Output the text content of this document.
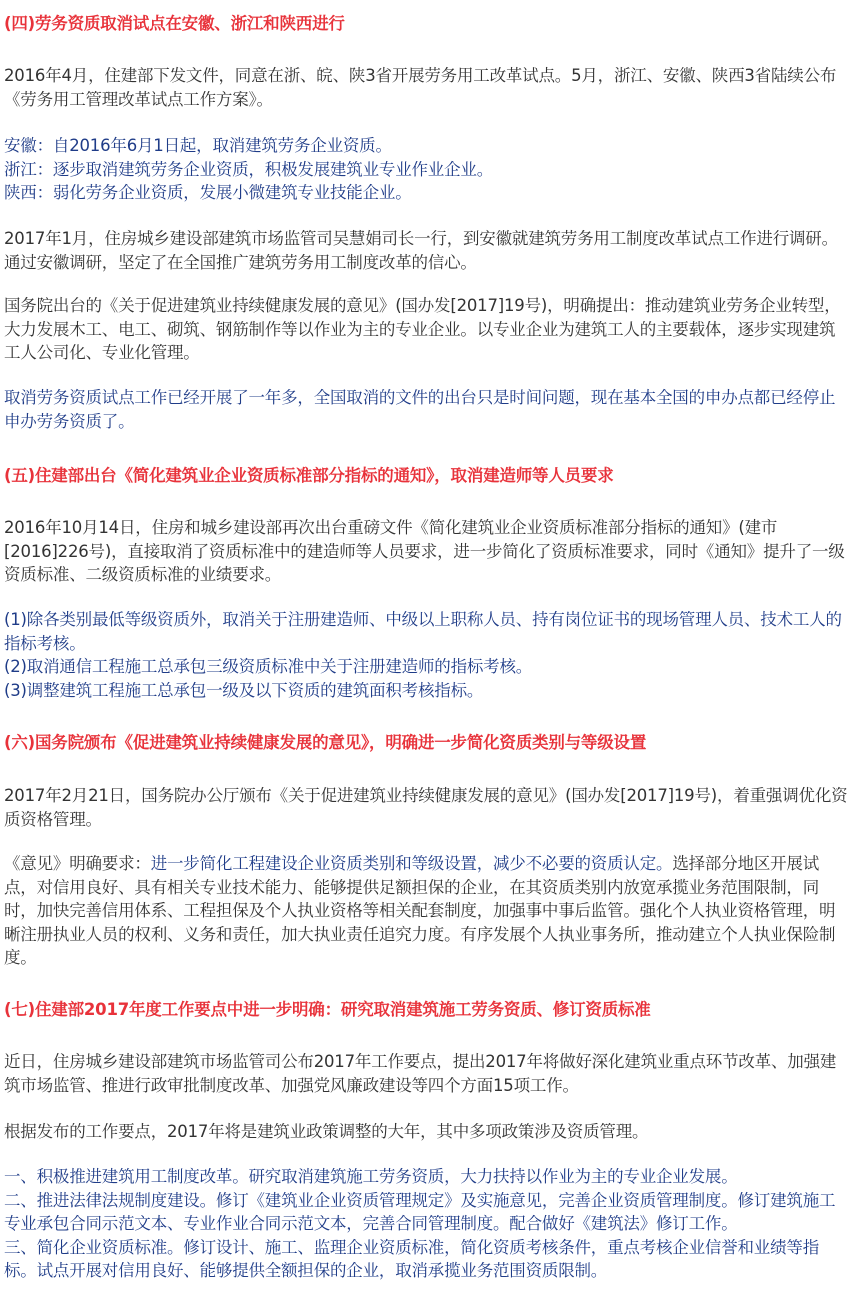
(四)劳务资质取消试点在安徽、浙江和陕西进行

2016年4月，住建部下发文件，同意在浙、皖、陕3省开展劳务用工改革试点。5月，浙江、安徽、陕西3省陆续公布《劳务用工管理改革试点工作方案》。

安徽：自2016年6月1日起，取消建筑劳务企业资质。
浙江：逐步取消建筑劳务企业资质，积极发展建筑业专业作业企业。
陕西：弱化劳务企业资质，发展小微建筑专业技能企业。

2017年1月，住房城乡建设部建筑市场监管司吴慧娟司长一行，到安徽就建筑劳务用工制度改革试点工作进行调研。通过安徽调研，坚定了在全国推广建筑劳务用工制度改革的信心。

国务院出台的《关于促进建筑业持续健康发展的意见》(国办发[2017]19号)，明确提出：推动建筑业劳务企业转型，大力发展木工、电工、砌筑、钢筋制作等以作业为主的专业企业。以专业企业为建筑工人的主要载体，逐步实现建筑工人公司化、专业化管理。

取消劳务资质试点工作已经开展了一年多，全国取消的文件的出台只是时间问题，现在基本全国的申办点都已经停止申办劳务资质了。

(五)住建部出台《简化建筑业企业资质标准部分指标的通知》，取消建造师等人员要求

2016年10月14日，住房和城乡建设部再次出台重磅文件《简化建筑业企业资质标准部分指标的通知》(建市[2016]226号)，直接取消了资质标准中的建造师等人员要求，进一步简化了资质标准要求，同时《通知》提升了一级资质标准、二级资质标准的业绩要求。

(1)除各类别最低等级资质外，取消关于注册建造师、中级以上职称人员、持有岗位证书的现场管理人员、技术工人的指标考核。
(2)取消通信工程施工总承包三级资质标准中关于注册建造师的指标考核。
(3)调整建筑工程施工总承包一级及以下资质的建筑面积考核指标。

(六)国务院颁布《促进建筑业持续健康发展的意见》，明确进一步简化资质类别与等级设置

2017年2月21日，国务院办公厅颁布《关于促进建筑业持续健康发展的意见》(国办发[2017]19号)，着重强调优化资质资格管理。

《意见》明确要求：进一步简化工程建设企业资质类别和等级设置，减少不必要的资质认定。选择部分地区开展试点，对信用良好、具有相关专业技术能力、能够提供足额担保的企业，在其资质类别内放宽承揽业务范围限制，同时，加快完善信用体系、工程担保及个人执业资格等相关配套制度，加强事中事后监管。强化个人执业资格管理，明晰注册执业人员的权利、义务和责任，加大执业责任追究力度。有序发展个人执业事务所，推动建立个人执业保险制度。

(七)住建部2017年度工作要点中进一步明确：研究取消建筑施工劳务资质、修订资质标准

近日，住房城乡建设部建筑市场监管司公布2017年工作要点，提出2017年将做好深化建筑业重点环节改革、加强建筑市场监管、推进行政审批制度改革、加强党风廉政建设等四个方面15项工作。

根据发布的工作要点，2017年将是建筑业政策调整的大年，其中多项政策涉及资质管理。

一、积极推进建筑用工制度改革。研究取消建筑施工劳务资质，大力扶持以作业为主的专业企业发展。
二、推进法律法规制度建设。修订《建筑业企业资质管理规定》及实施意见，完善企业资质管理制度。修订建筑施工专业承包合同示范文本、专业作业合同示范文本，完善合同管理制度。配合做好《建筑法》修订工作。
三、简化企业资质标准。修订设计、施工、监理企业资质标准，简化资质考核条件，重点考核企业信誉和业绩等指标。试点开展对信用良好、能够提供全额担保的企业，取消承揽业务范围资质限制。
